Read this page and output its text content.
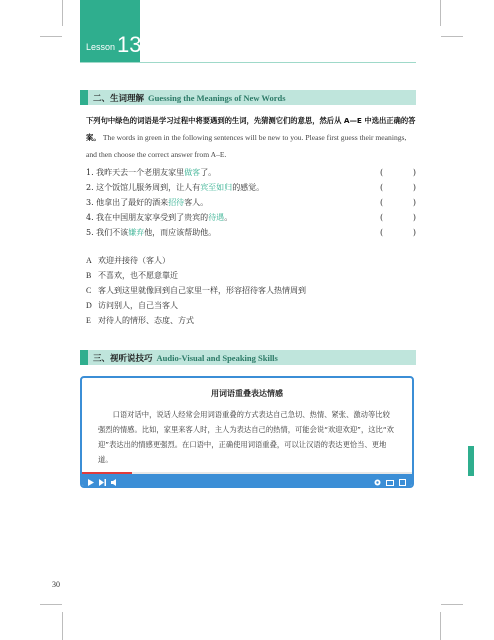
Lesson 13
二、生词理解 Guessing the Meanings of New Words
下列句中绿色的词语是学习过程中将要遇到的生词，先猜测它们的意思，然后从 A—E 中选出正确的答案。 The words in green in the following sentences will be new to you. Please first guess their meanings, and then choose the correct answer from A–E.
1. 我昨天去一个老朋友家里做客了。	(	)
2. 这个饭馆儿服务周到，让人有宾至如归的感觉。	(	)
3. 他拿出了最好的酒来招待客人。	(	)
4. 我在中国朋友家享受到了贵宾的待遇。	(	)
5. 我们不该嫌弃他，而应该帮助他。	(	)
A 欢迎并接待（客人）
B 不喜欢，也不愿意靠近
C 客人到这里就像回到自己家里一样，形容招待客人热情周到
D 访问别人，自己当客人
E 对待人的情形、态度、方式
三、视听说技巧 Audio-Visual and Speaking Skills
用词语重叠表达情感
口语对话中，说话人经常会用词语重叠的方式表达自己急切、热情、紧张、激动等比较强烈的情感。比如，家里来客人时，主人为表达自己的热情，可能会说“欢迎欢迎”，这比“欢迎”表达出的情感更强烈。在口语中，正确使用词语重叠，可以让汉语的表达更恰当、更地道。
30
